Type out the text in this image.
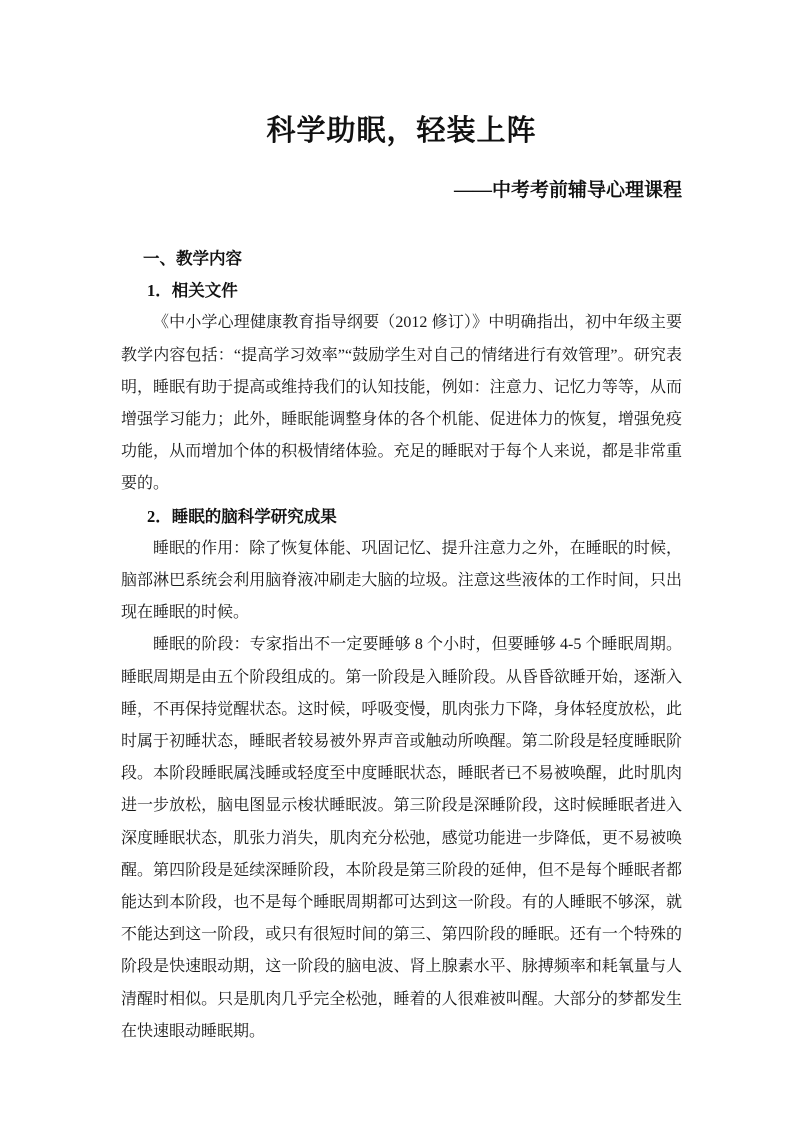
科学助眠，轻装上阵
——中考考前辅导心理课程
一、教学内容
1．相关文件

《中小学心理健康教育指导纲要（2012 修订）》中明确指出，初中年级主要教学内容包括：“提高学习效率”“鼓励学生对自己的情绪进行有效管理”。研究表明，睡眠有助于提高或维持我们的认知技能，例如：注意力、记忆力等等，从而增强学习能力；此外，睡眠能调整身体的各个机能、促进体力的恢复，增强免疫功能，从而增加个体的积极情绪体验。充足的睡眠对于每个人来说，都是非常重要的。

2．睡眠的脑科学研究成果

睡眠的作用：除了恢复体能、巩固记忆、提升注意力之外，在睡眠的时候，脑部淋巴系统会利用脑脊液冲刷走大脑的垃圾。注意这些液体的工作时间，只出现在睡眠的时候。

睡眠的阶段：专家指出不一定要睡够 8 个小时，但要睡够 4-5 个睡眠周期。睡眠周期是由五个阶段组成的。第一阶段是入睡阶段。从昏昏欲睡开始，逐渐入睡，不再保持觉醒状态。这时候，呼吸变慢，肌肉张力下降，身体轻度放松，此时属于初睡状态，睡眠者较易被外界声音或触动所唤醒。第二阶段是轻度睡眠阶段。本阶段睡眠属浅睡或轻度至中度睡眠状态，睡眠者已不易被唤醒，此时肌肉进一步放松，脑电图显示梭状睡眠波。第三阶段是深睡阶段，这时候睡眠者进入深度睡眠状态，肌张力消失，肌肉充分松弛，感觉功能进一步降低，更不易被唤醒。第四阶段是延续深睡阶段，本阶段是第三阶段的延伸，但不是每个睡眠者都能达到本阶段，也不是每个睡眠周期都可达到这一阶段。有的人睡眠不够深，就不能达到这一阶段，或只有很短时间的第三、第四阶段的睡眠。还有一个特殊的阶段是快速眼动期，这一阶段的脑电波、肾上腺素水平、脉搏频率和耗氧量与人清醒时相似。只是肌肉几乎完全松弛，睡着的人很难被叫醒。大部分的梦都发生在快速眼动睡眠期。
